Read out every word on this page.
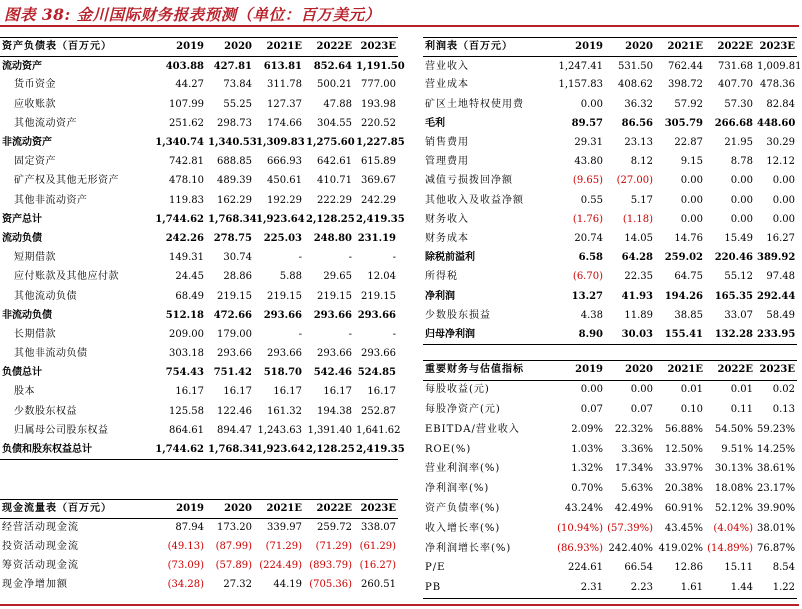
图表 38: 金川国际财务报表预测（单位：百万美元）
资产负债表（百万元）	2019	2020	2021E	2022E	2023E
流动资产	403.88	427.81	613.81	852.64	1,191.50
货币资金	44.27	73.84	311.78	500.21	777.00
应收账款	107.99	55.25	127.37	47.88	193.98
其他流动资产	251.62	298.73	174.66	304.55	220.52
非流动资产	1,340.74	1,340.53	1,309.83	1,275.60	1,227.85
固定资产	742.81	688.85	666.93	642.61	615.89
矿产权及其他无形资产	478.10	489.39	450.61	410.71	369.67
其他非流动资产	119.83	162.29	192.29	222.29	242.29
资产总计	1,744.62	1,768.34	1,923.64	2,128.25	2,419.35
流动负债	242.26	278.75	225.03	248.80	231.19
短期借款	149.31	30.74	-	-	-
应付账款及其他应付款	24.45	28.86	5.88	29.65	12.04
其他流动负债	68.49	219.15	219.15	219.15	219.15
非流动负债	512.18	472.66	293.66	293.66	293.66
长期借款	209.00	179.00	-	-	-
其他非流动负债	303.18	293.66	293.66	293.66	293.66
负债总计	754.43	751.42	518.70	542.46	524.85
股本	16.17	16.17	16.17	16.17	16.17
少数股东权益	125.58	122.46	161.32	194.38	252.87
归属母公司股东权益	864.61	894.47	1,243.63	1,391.40	1,641.62
负债和股东权益总计	1,744.62	1,768.34	1,923.64	2,128.25	2,419.35
现金流量表（百万元）	2019	2020	2021E	2022E	2023E
经营活动现金流	87.94	173.20	339.97	259.72	338.07
投资活动现金流	(49.13)	(87.99)	(71.29)	(71.29)	(61.29)
筹资活动现金流	(73.09)	(57.89)	(224.49)	(893.79)	(16.27)
现金净增加额	(34.28)	27.32	44.19	(705.36)	260.51
利润表（百万元）	2019	2020	2021E	2022E	2023E
营业收入	1,247.41	531.50	762.44	731.68	1,009.81
营业成本	1,157.83	408.62	398.72	407.70	478.36
矿区土地特权使用费	0.00	36.32	57.92	57.30	82.84
毛利	89.57	86.56	305.79	266.68	448.60
销售费用	29.31	23.13	22.87	21.95	30.29
管理费用	43.80	8.12	9.15	8.78	12.12
减值亏损拨回净额	(9.65)	(27.00)	0.00	0.00	0.00
其他收入及收益净额	0.55	5.17	0.00	0.00	0.00
财务收入	(1.76)	(1.18)	0.00	0.00	0.00
财务成本	20.74	14.05	14.76	15.49	16.27
除税前溢利	6.58	64.28	259.02	220.46	389.92
所得税	(6.70)	22.35	64.75	55.12	97.48
净利润	13.27	41.93	194.26	165.35	292.44
少数股东损益	4.38	11.89	38.85	33.07	58.49
归母净利润	8.90	30.03	155.41	132.28	233.95
重要财务与估值指标	2019	2020	2021E	2022E	2023E
每股收益(元)	0.00	0.00	0.01	0.01	0.02
每股净资产(元)	0.07	0.07	0.10	0.11	0.13
EBITDA/营业收入	2.09%	22.32%	56.88%	54.50%	59.23%
ROE(%)	1.03%	3.36%	12.50%	9.51%	14.25%
营业利润率(%)	1.32%	17.34%	33.97%	30.13%	38.61%
净利润率(%)	0.70%	5.63%	20.38%	18.08%	23.17%
资产负债率(%)	43.24%	42.49%	60.91%	52.12%	39.90%
收入增长率(%)	(10.94%)	(57.39%)	43.45%	(4.04%)	38.01%
净利润增长率(%)	(86.93%)	242.40%	419.02%	(14.89%)	76.87%
P/E	224.61	66.54	12.86	15.11	8.54
PB	2.31	2.23	1.61	1.44	1.22
